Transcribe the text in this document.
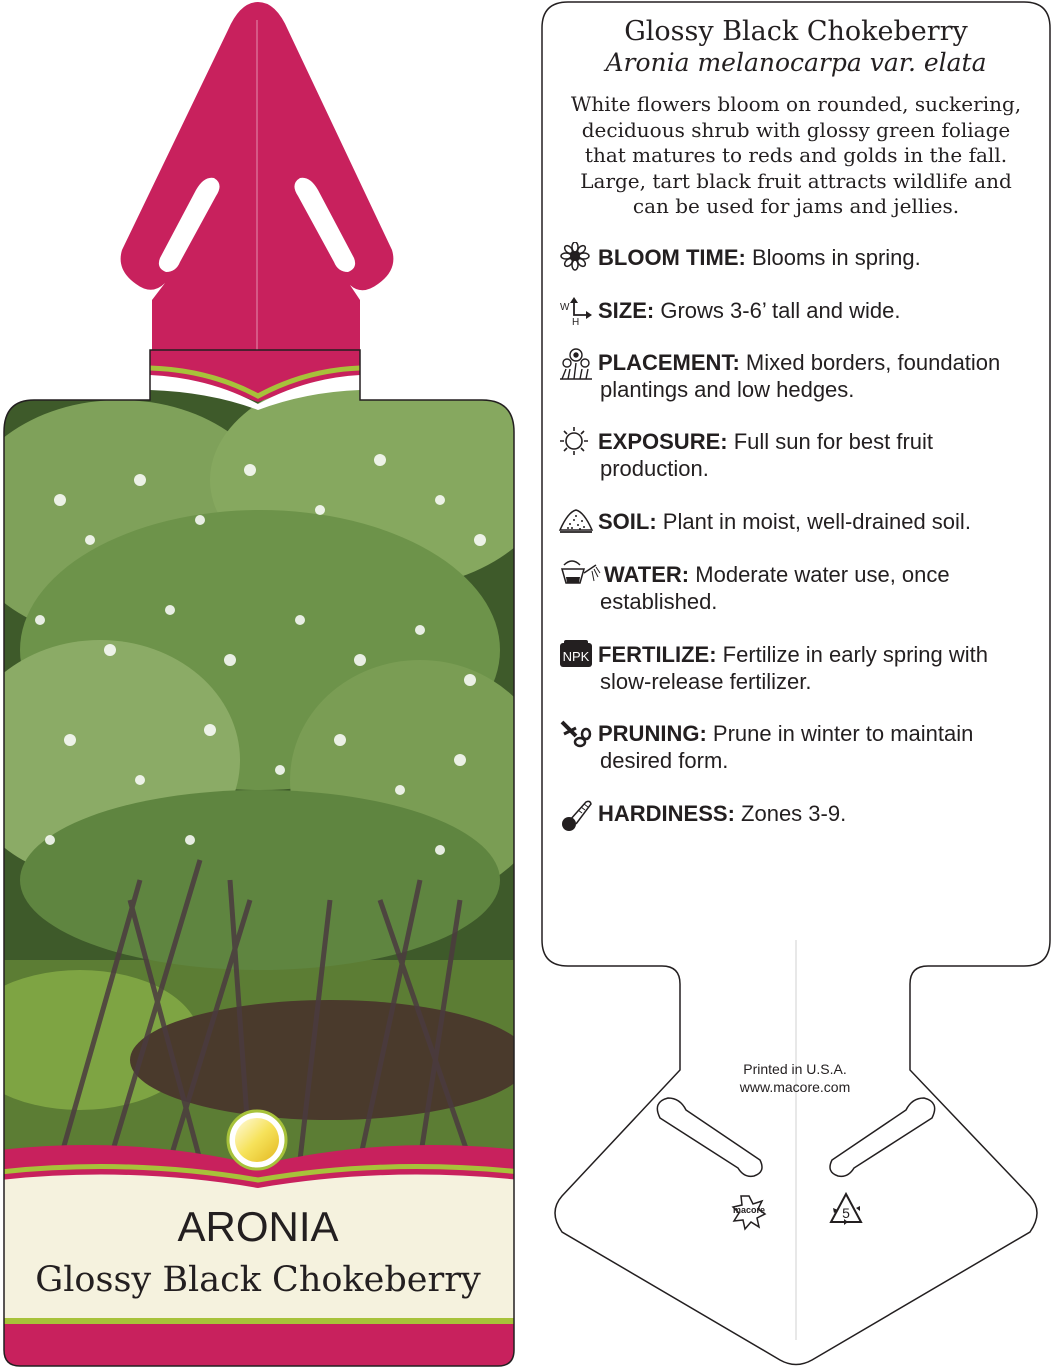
ARONIA
Glossy Black Chokeberry
Glossy Black Chokeberry
Aronia melanocarpa var. elata
White flowers bloom on rounded, suckering, deciduous shrub with glossy green foliage that matures to reds and golds in the fall. Large, tart black fruit attracts wildlife and can be used for jams and jellies.
BLOOM TIME: Blooms in spring.
W
H SIZE: Grows 3-6’ tall and wide.
PLACEMENT: Mixed borders, foundation
plantings and low hedges.
EXPOSURE: Full sun for best fruit
production.
SOIL: Plant in moist, well-drained soil.
WATER: Moderate water use, once
established.
NPK FERTILIZE: Fertilize in early spring with
slow-release fertilizer.
PRUNING: Prune in winter to maintain
desired form.
HARDINESS: Zones 3-9.
Printed in U.S.A.
www.macore.com
macore	5
